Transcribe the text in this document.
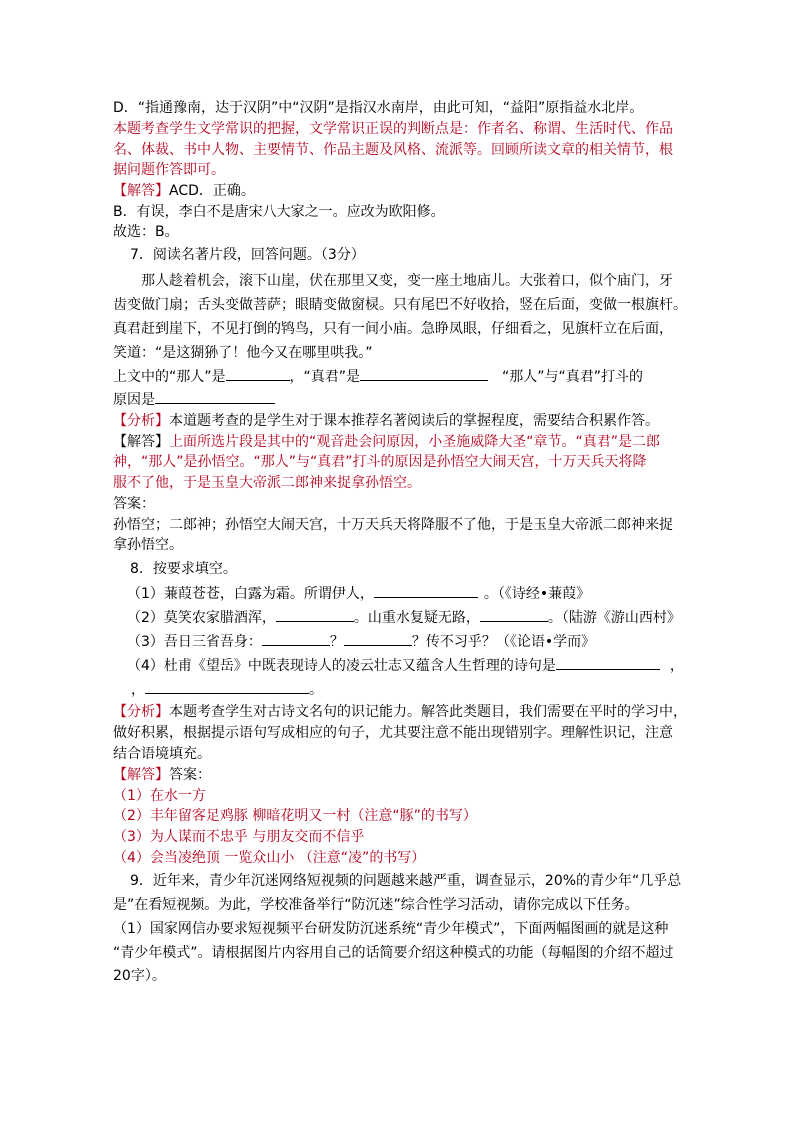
D．“指通豫南，达于汉阴”中“汉阴”是指汉水南岸，由此可知，“益阳”原指益水北岸。
本题考查学生文学常识的把握，文学常识正误的判断点是：作者名、称谓、生活时代、作品
名、体裁、书中人物、主要情节、作品主题及风格、流派等。回顾所读文章的相关情节，根
据问题作答即可。
【解答】ACD．正确。
B．有误，李白不是唐宋八大家之一。应改为欧阳修。
故选：B。
7．阅读名著片段，回答问题。（3分）
那人趁着机会，滚下山崖，伏在那里又变，变一座土地庙儿。大张着口，似个庙门，牙
齿变做门扇；舌头变做菩萨；眼睛变做窗棂。只有尾巴不好收拾，竖在后面，变做一根旗杆。
真君赶到崖下，不见打倒的鸨鸟，只有一间小庙。急睁凤眼，仔细看之，见旗杆立在后面，
笑道：“是这猢狲了！他今又在哪里哄我。”
上文中的“那人”是	，“真君”是	“那人”与“真君”打斗的
原因是
【分析】本道题考查的是学生对于课本推荐名著阅读后的掌握程度，需要结合积累作答。
【解答】上面所选片段是其中的“观音赴会问原因，小圣施威降大圣“章节。“真君”是二郎
神，“那人”是孙悟空。“那人”与“真君”打斗的原因是孙悟空大闹天宫，十万天兵天将降
服不了他，于是玉皇大帝派二郎神来捉拿孙悟空。
答案：
孙悟空；二郎神；孙悟空大闹天宫，十万天兵天将降服不了他，于是玉皇大帝派二郎神来捉
拿孙悟空。
8．按要求填空。
（1）蒹葭苍苍，白露为霜。所谓伊人，	。（《诗经•蒹葭》
（2）莫笑农家腊酒浑，	。山重水复疑无路，	。（陆游《游山西村》
（3）吾日三省吾身：	？	？传不习乎？（《论语•学而》
（4）杜甫《望岳》中既表现诗人的凌云壮志又蕴含人生哲理的诗句是	，
，	。
【分析】本题考查学生对古诗文名句的识记能力。解答此类题目，我们需要在平时的学习中，
做好积累，根据提示语句写成相应的句子，尤其要注意不能出现错别字。理解性识记，注意
结合语境填充。
【解答】答案：
（1）在水一方
（2）丰年留客足鸡豚 柳暗花明又一村（注意“豚”的书写）
（3）为人谋而不忠乎 与朋友交而不信乎
（4）会当凌绝顶 一览众山小 （注意“凌”的书写）
9．近年来，青少年沉迷网络短视频的问题越来越严重，调查显示，20%的青少年“几乎总
是”在看短视频。为此，学校准备举行“防沉迷”综合性学习活动，请你完成以下任务。
（1）国家网信办要求短视频平台研发防沉迷系统“青少年模式”，下面两幅图画的就是这种
“青少年模式”。请根据图片内容用自己的话简要介绍这种模式的功能（每幅图的介绍不超过
20字）。
